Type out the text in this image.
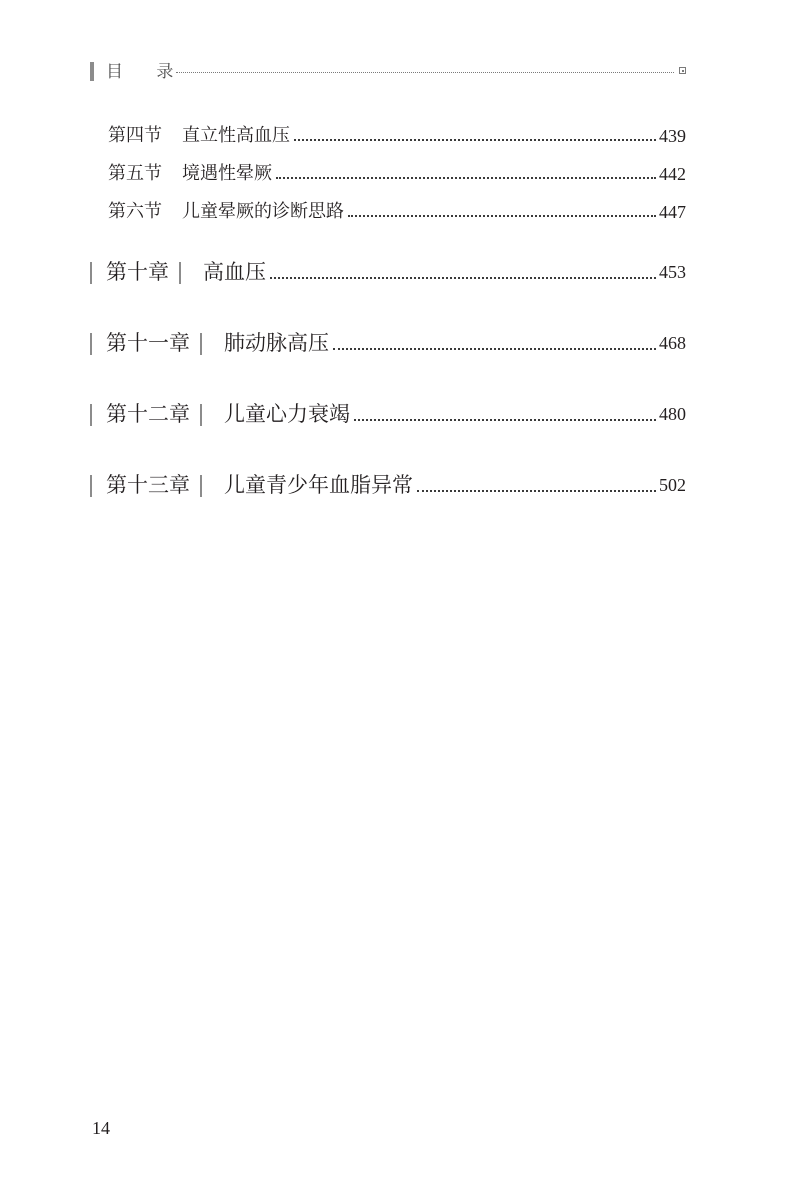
目 录
第四节 直立性高血压	439
第五节 境遇性晕厥	442
第六节 儿童晕厥的诊断思路	447
第十章 高血压	453
第十一章 肺动脉高压	468
第十二章 儿童心力衰竭	480
第十三章 儿童青少年血脂异常	502
14
